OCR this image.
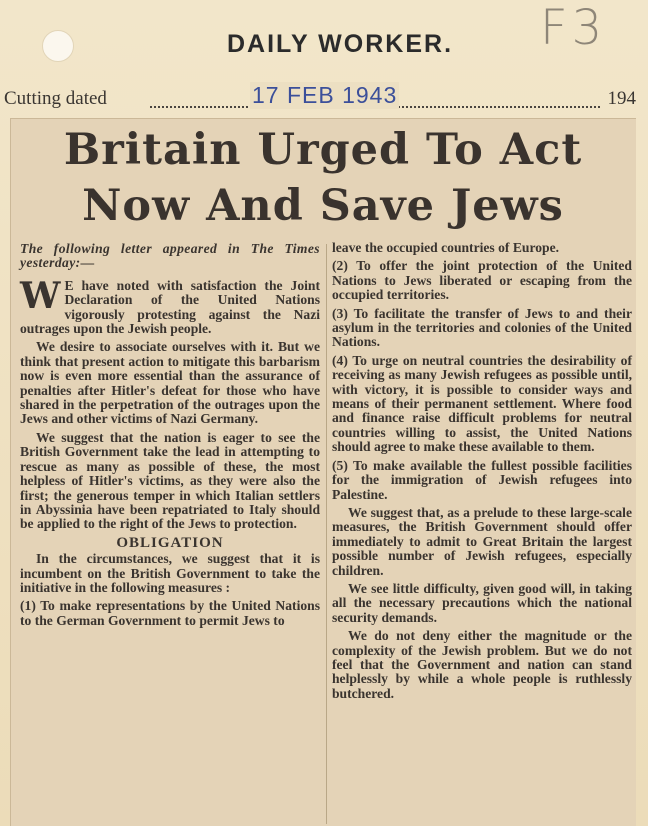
DAILY WORKER.	F3
Cutting dated	17 FEB 1943	194
Britain Urged To Act
Now And Save Jews

The following letter appeared in The Times yesterday:—

W E have noted with satisfaction the Joint Declaration of the United Nations vigorously protesting against the Nazi outrages upon the Jewish people.

We desire to associate ourselves with it. But we think that present action to mitigate this barbarism now is even more essential than the assurance of penalties after Hitler's defeat for those who have shared in the perpetration of the outrages upon the Jews and other victims of Nazi Germany.

We suggest that the nation is eager to see the British Government take the lead in attempting to rescue as many as possible of these, the most helpless of Hitler's victims, as they were also the first; the generous temper in which Italian settlers in Abyssinia have been repatriated to Italy should be applied to the right of the Jews to protection.

OBLIGATION

In the circumstances, we suggest that it is incumbent on the British Government to take the initiative in the following measures :

(1) To make representations by the United Nations to the German Government to permit Jews to

leave the occupied countries of Europe.

(2) To offer the joint protection of the United Nations to Jews liberated or escaping from the occupied territories.

(3) To facilitate the transfer of Jews to and their asylum in the territories and colonies of the United Nations.

(4) To urge on neutral countries the desirability of receiving as many Jewish refugees as possible until, with victory, it is possible to consider ways and means of their permanent settlement. Where food and finance raise difficult problems for neutral countries willing to assist, the United Nations should agree to make these available to them.

(5) To make available the fullest possible facilities for the immigration of Jewish refugees into Palestine.

We suggest that, as a prelude to these large-scale measures, the British Government should offer immediately to admit to Great Britain the largest possible number of Jewish refugees, especially children.

We see little difficulty, given good will, in taking all the necessary precautions which the national security demands.

We do not deny either the magnitude or the complexity of the Jewish problem. But we do not feel that the Government and nation can stand helplessly by while a whole people is ruthlessly butchered.
